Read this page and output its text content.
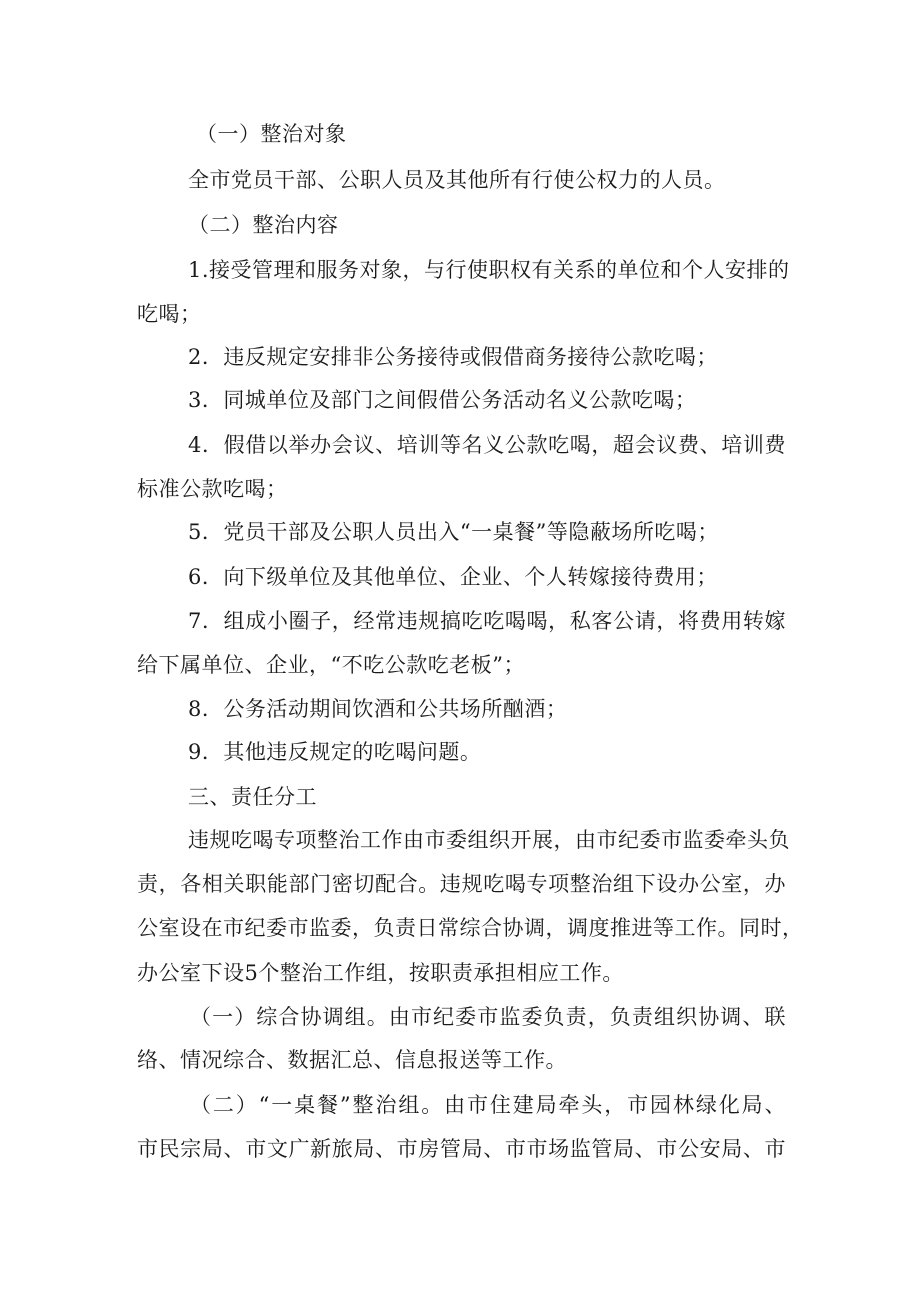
（一）整治对象
全市党员干部、公职人员及其他所有行使公权力的人员。
（二）整治内容
1.接受管理和服务对象，与行使职权有关系的单位和个人安排的
吃喝；
2．违反规定安排非公务接待或假借商务接待公款吃喝；
3．同城单位及部门之间假借公务活动名义公款吃喝；
4．假借以举办会议、培训等名义公款吃喝，超会议费、培训费
标准公款吃喝；
5．党员干部及公职人员出入“一桌餐”等隐蔽场所吃喝；
6．向下级单位及其他单位、企业、个人转嫁接待费用；
7．组成小圈子，经常违规搞吃吃喝喝，私客公请，将费用转嫁
给下属单位、企业，“不吃公款吃老板”；
8．公务活动期间饮酒和公共场所酗酒；
9．其他违反规定的吃喝问题。
三、责任分工
违规吃喝专项整治工作由市委组织开展，由市纪委市监委牵头负
责，各相关职能部门密切配合。违规吃喝专项整治组下设办公室，办
公室设在市纪委市监委，负责日常综合协调，调度推进等工作。同时，
办公室下设5个整治工作组，按职责承担相应工作。
（一）综合协调组。由市纪委市监委负责，负责组织协调、联
络、情况综合、数据汇总、信息报送等工作。
（二）“一桌餐”整治组。由市住建局牵头，市园林绿化局、
市民宗局、市文广新旅局、市房管局、市市场监管局、市公安局、市
